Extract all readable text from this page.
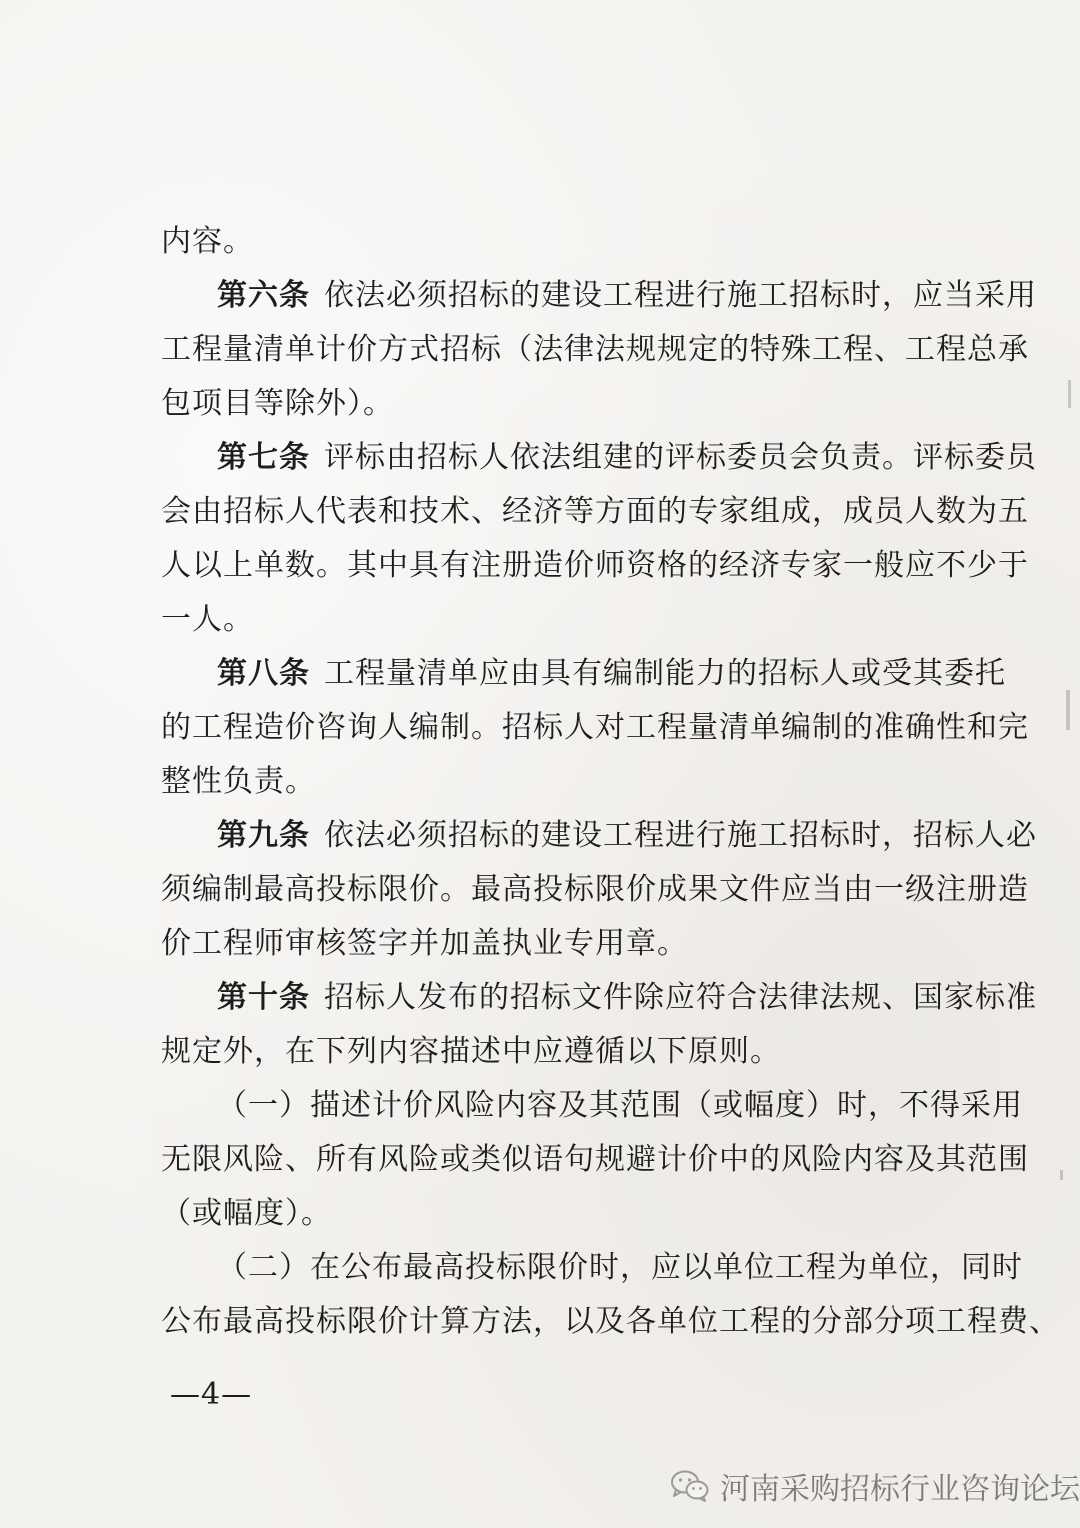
内容。
第六条 依法必须招标的建设工程进行施工招标时，应当采用
工程量清单计价方式招标（法律法规规定的特殊工程、工程总承
包项目等除外）。
第七条 评标由招标人依法组建的评标委员会负责。评标委员
会由招标人代表和技术、经济等方面的专家组成，成员人数为五
人以上单数。其中具有注册造价师资格的经济专家一般应不少于
一人。
第八条 工程量清单应由具有编制能力的招标人或受其委托
的工程造价咨询人编制。招标人对工程量清单编制的准确性和完
整性负责。
第九条 依法必须招标的建设工程进行施工招标时，招标人必
须编制最高投标限价。最高投标限价成果文件应当由一级注册造
价工程师审核签字并加盖执业专用章。
第十条 招标人发布的招标文件除应符合法律法规、国家标准
规定外，在下列内容描述中应遵循以下原则。
（一）描述计价风险内容及其范围（或幅度）时，不得采用
无限风险、所有风险或类似语句规避计价中的风险内容及其范围
（或幅度）。
（二）在公布最高投标限价时，应以单位工程为单位，同时
公布最高投标限价计算方法，以及各单位工程的分部分项工程费、
—4—
河南采购招标行业咨询论坛
